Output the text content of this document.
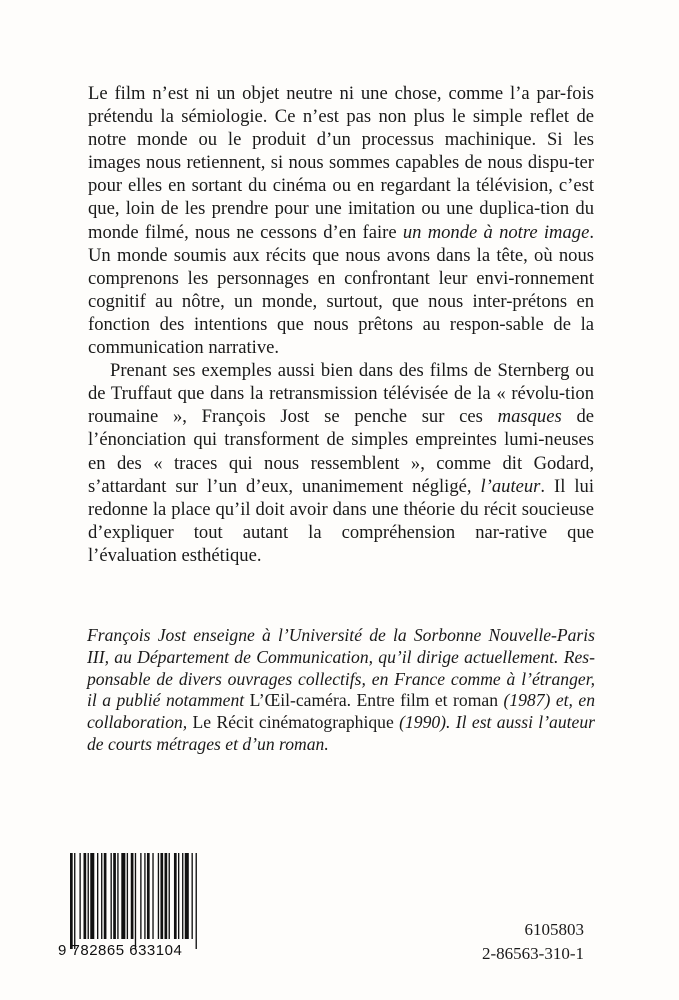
Le film n’est ni un objet neutre ni une chose, comme l’a par-fois prétendu la sémiologie. Ce n’est pas non plus le simple reflet de notre monde ou le produit d’un processus machinique. Si les images nous retiennent, si nous sommes capables de nous dispu-ter pour elles en sortant du cinéma ou en regardant la télévision, c’est que, loin de les prendre pour une imitation ou une duplica-tion du monde filmé, nous ne cessons d’en faire un monde à notre image. Un monde soumis aux récits que nous avons dans la tête, où nous comprenons les personnages en confrontant leur envi-ronnement cognitif au nôtre, un monde, surtout, que nous inter-prétons en fonction des intentions que nous prêtons au respon-sable de la communication narrative.

Prenant ses exemples aussi bien dans des films de Sternberg ou de Truffaut que dans la retransmission télévisée de la « révolu-tion roumaine », François Jost se penche sur ces masques de l’énonciation qui transforment de simples empreintes lumi-neuses en des « traces qui nous ressemblent », comme dit Godard, s’attardant sur l’un d’eux, unanimement négligé, l’auteur. Il lui redonne la place qu’il doit avoir dans une théorie du récit soucieuse d’expliquer tout autant la compréhension nar-rative que l’évaluation esthétique.

François Jost enseigne à l’Université de la Sorbonne Nouvelle-Paris III, au Département de Communication, qu’il dirige actuellement. Res-ponsable de divers ouvrages collectifs, en France comme à l’étranger, il a publié notamment L’Œil-caméra. Entre film et roman (1987) et, en collaboration, Le Récit cinématographique (1990). Il est aussi l’auteur de courts métrages et d’un roman.
9 782865 633104
6105803
2-86563-310-1
